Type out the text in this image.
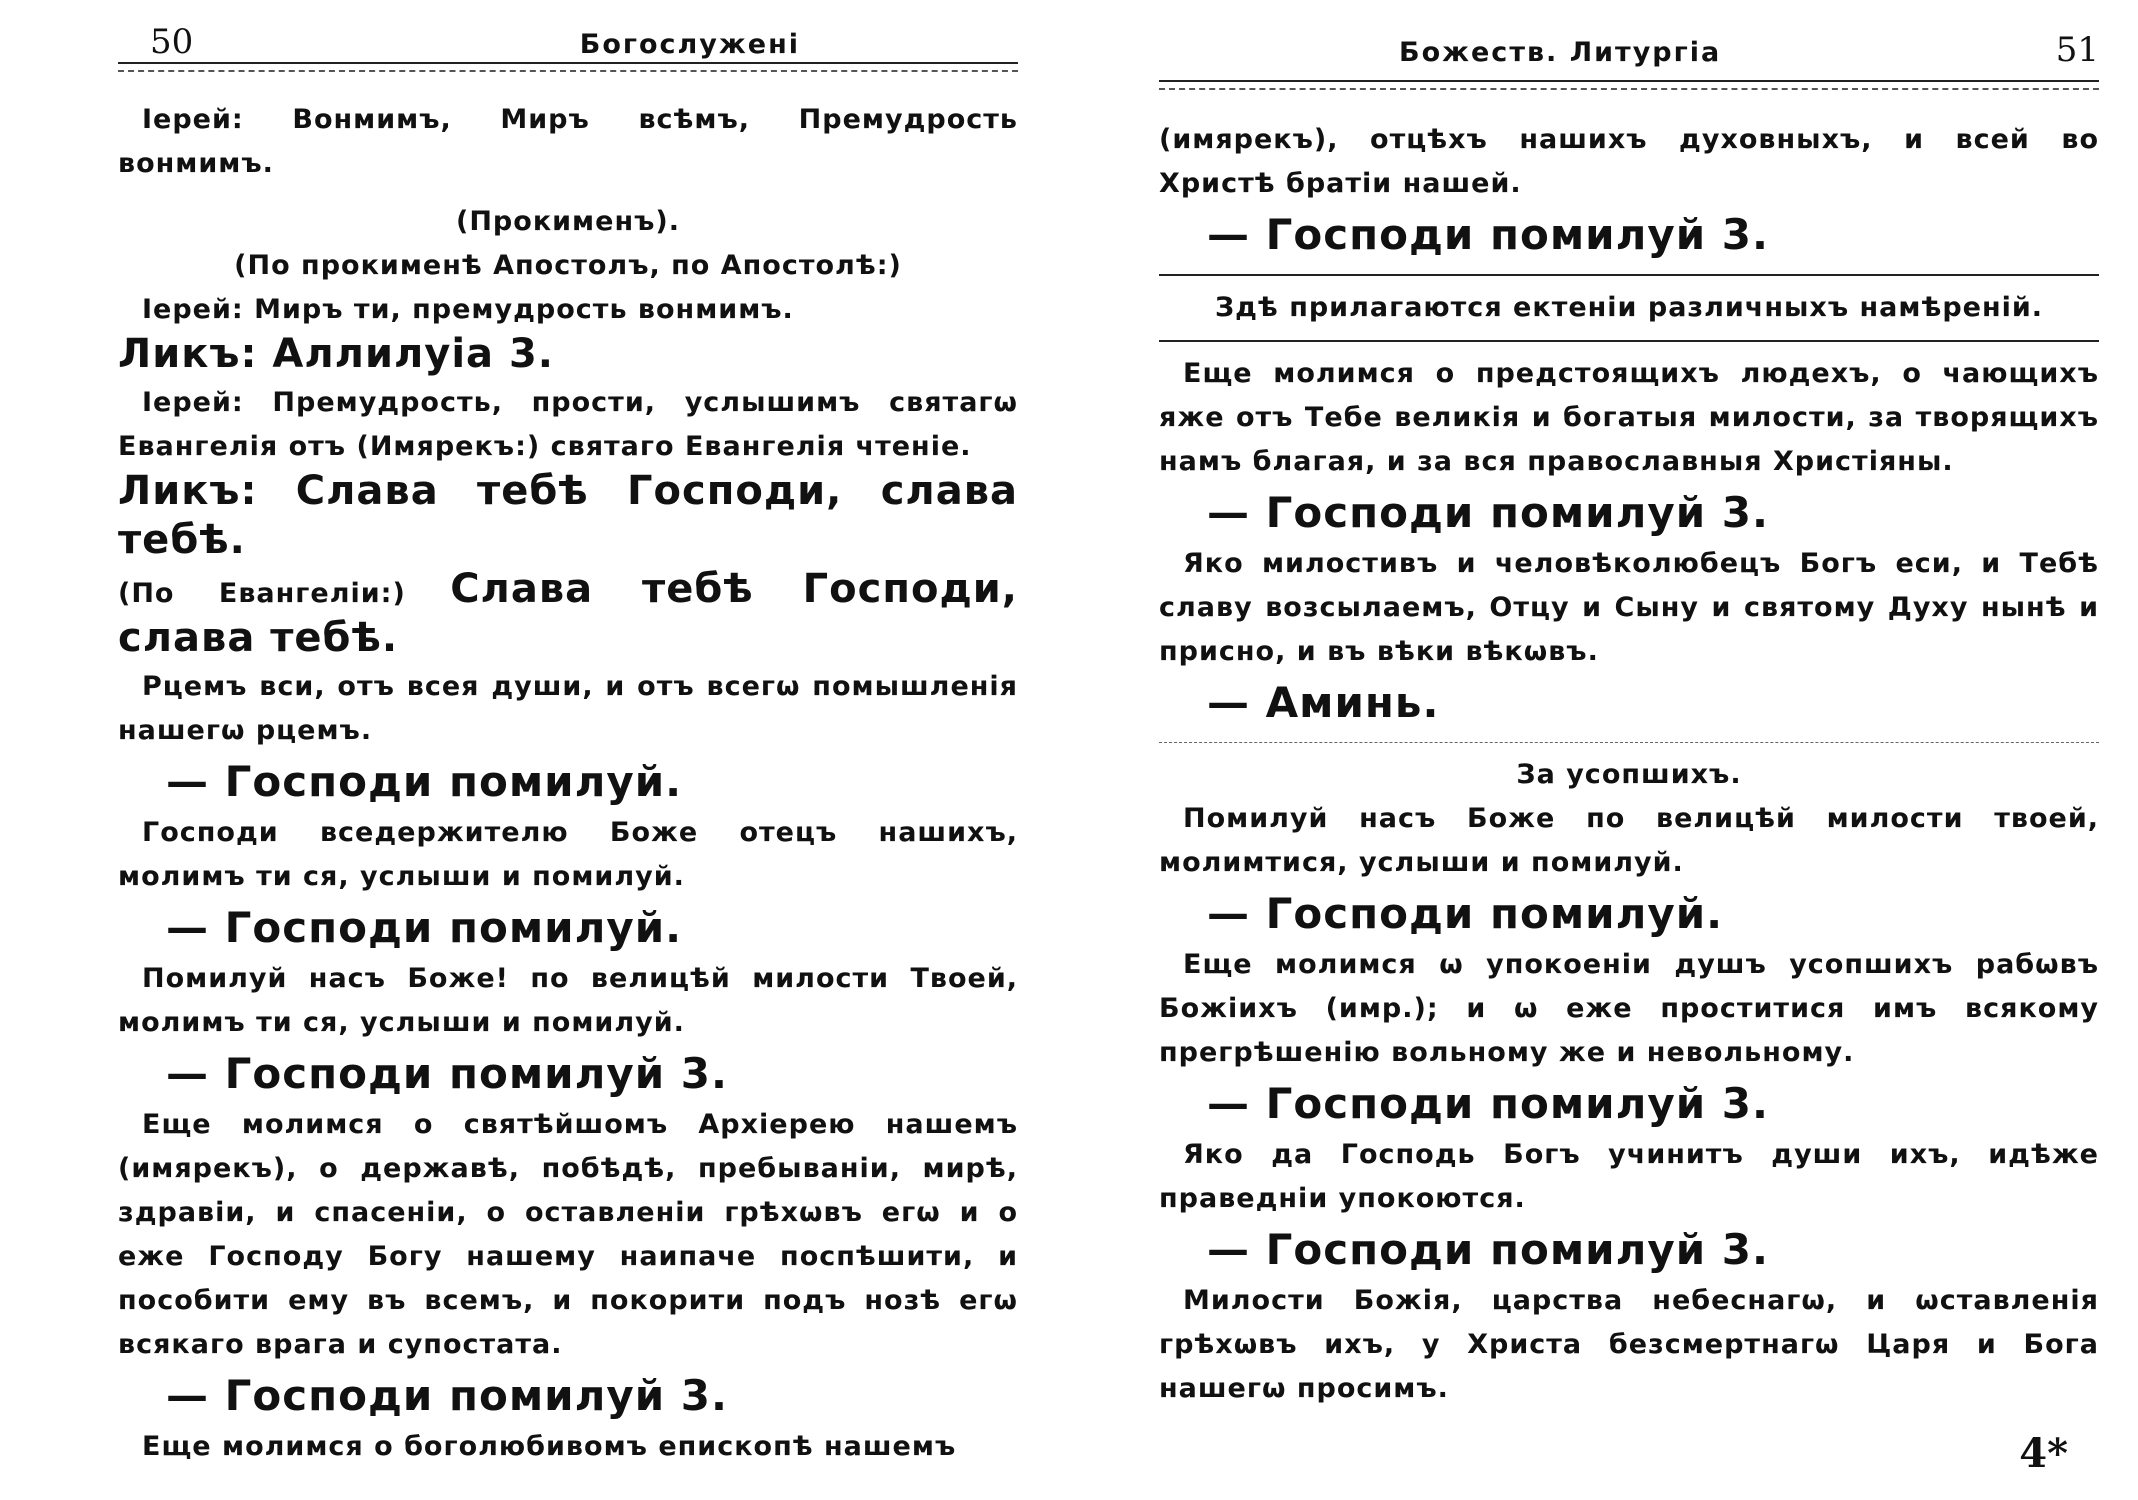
50	Богослужені

Іерей: Вонмимъ, Миръ всѣмъ, Премудрость вонмимъ.

(Прокименъ).

(По прокименѣ Апостолъ, по Апостолѣ:)

Іерей: Миръ ти, премудрость вонмимъ.

Ликъ: Аллилуіа 3.

Іерей: Премудрость, прости, услышимъ святагω Евангелія отъ (Имярекъ:) святаго Евангелія чтеніе.

Ликъ: Слава тебѣ Господи, слава тебѣ.

(По Евангеліи:) Слава тебѣ Господи, слава тебѣ.

Рцемъ вси, отъ всея души, и отъ всегω помышленія нашегω рцемъ.

— Господи помилуй.

Господи вседержителю Боже отецъ нашихъ, молимъ ти ся, услыши и помилуй.

— Господи помилуй.

Помилуй насъ Боже! по велицѣй милости Твоей, молимъ ти ся, услыши и помилуй.

— Господи помилуй 3.

Еще молимся о святѣйшомъ Архіерею нашемъ (имярекъ), о державѣ, побѣдѣ, пребываніи, мирѣ, здравіи, и спасеніи, о оставленіи грѣхωвъ егω и о еже Господу Богу нашему наипаче поспѣшити, и пособити ему въ всемъ, и покорити подъ нозѣ егω всякаго врага и супостата.

— Господи помилуй 3.

Еще молимся о боголюбивомъ епископѣ нашемъ

Божеств. Литургіа	51

(имярекъ), отцѣхъ нашихъ духовныхъ, и всей во Христѣ братіи нашей.

— Господи помилуй 3.

Здѣ прилагаются ектеніи различныхъ намѣреній.

Еще молимся о предстоящихъ людехъ, о чающихъ яже отъ Тебе великія и богатыя милости, за творящихъ намъ благая, и за вся православныя Христіяны.

— Господи помилуй 3.

Яко милостивъ и человѣколюбецъ Богъ еси, и Тебѣ славу возсылаемъ, Отцу и Сыну и святому Духу нынѣ и присно, и въ вѣки вѣкωвъ.

— Аминь.

За усопшихъ.

Помилуй насъ Боже по велицѣй милости твоей, молимтися, услыши и помилуй.

— Господи помилуй.

Еще молимся ω упокоеніи душъ усопшихъ рабωвъ Божіихъ (имр.); и ω еже проститися имъ всякому прегрѣшенію вольному же и невольному.

— Господи помилуй 3.

Яко да Господь Богъ учинитъ души ихъ, идѣже праведніи упокоются.

— Господи помилуй 3.

Милости Божія, царства небеснагω, и ωставленія грѣхωвъ ихъ, у Христа безсмертнагω Царя и Бога нашегω просимъ.

4*
